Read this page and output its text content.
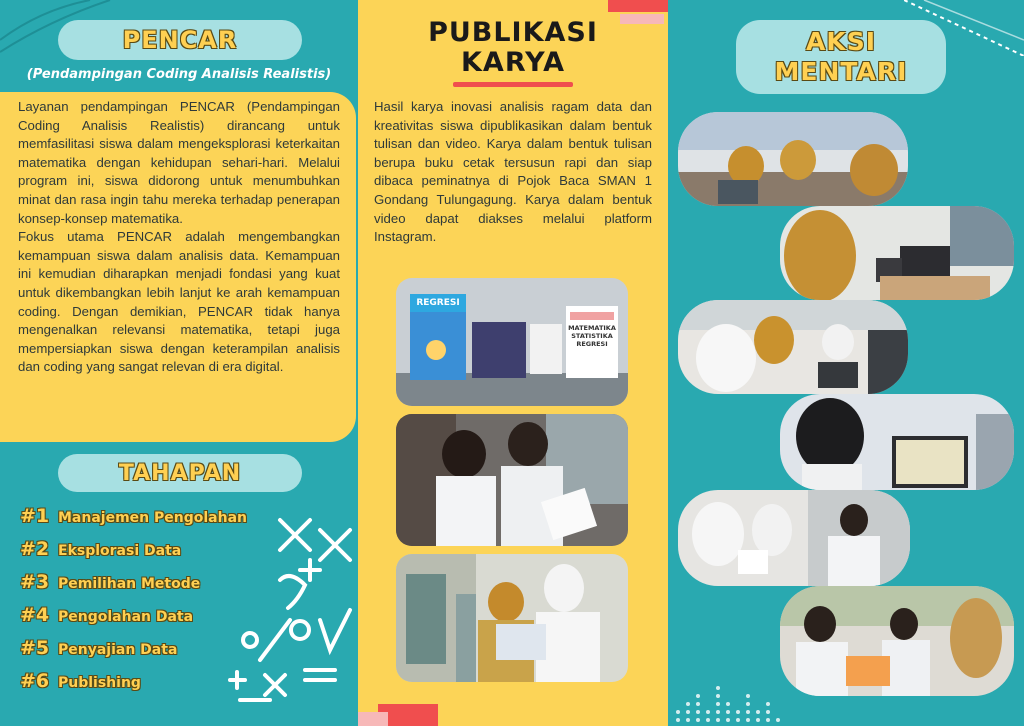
PENCAR
(Pendampingan Coding Analisis Realistis)

Layanan pendampingan PENCAR (Pendampingan Coding Analisis Realistis) dirancang untuk memfasilitasi siswa dalam mengeksplorasi keterkaitan matematika dengan kehidupan sehari-hari. Melalui program ini, siswa didorong untuk menumbuhkan minat dan rasa ingin tahu mereka terhadap penerapan konsep-konsep matematika.

Fokus utama PENCAR adalah mengembangkan kemampuan siswa dalam analisis data. Kemampuan ini kemudian diharapkan menjadi fondasi yang kuat untuk dikembangkan lebih lanjut ke arah kemampuan coding. Dengan demikian, PENCAR tidak hanya mengenalkan relevansi matematika, tetapi juga mempersiapkan siswa dengan keterampilan analisis dan coding yang sangat relevan di era digital.

TAHAPAN
#1 Manajemen Pengolahan
#2 Eksplorasi Data
#3 Pemilihan Metode
#4 Pengolahan Data
#5 Penyajian Data
#6 Publishing
PUBLIKASI
KARYA

Hasil karya inovasi analisis ragam data dan kreativitas siswa dipublikasikan dalam bentuk tulisan dan video. Karya dalam bentuk tulisan berupa buku cetak tersusun rapi dan siap dibaca peminatnya di Pojok Baca SMAN 1 Gondang Tulungagung. Karya dalam bentuk video dapat diakses melalui platform Instagram.

REGRESI
MATEMATIKA STATISTIKA REGRESI
AKSI
MENTARI
